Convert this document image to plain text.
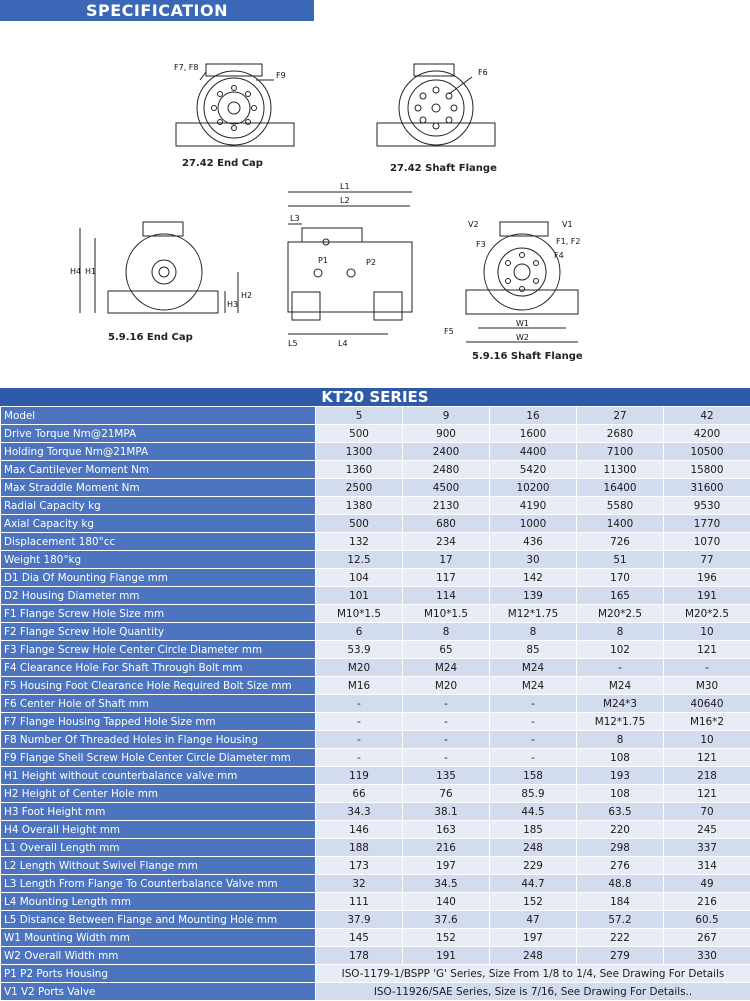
SPECIFICATION
F7, F8
F9	F6
H4 H1
H2
H3
L1
L2
L3
L4
L5
P1	P2
V2	V1
F3	F1, F2
F4
F5
W1
W2
27.42 End Cap	27.42 Shaft Flange
5.9.16 End Cap
5.9.16 Shaft Flange
KT20 SERIES
Model	5	9	16	27	42
Drive Torque Nm@21MPA	500	900	1600	2680	4200
Holding Torque Nm@21MPA	1300	2400	4400	7100	10500
Max Cantilever Moment Nm	1360	2480	5420	11300	15800
Max Straddle Moment Nm	2500	4500	10200	16400	31600
Radial Capacity kg	1380	2130	4190	5580	9530
Axial Capacity kg	500	680	1000	1400	1770
Displacement 180°cc	132	234	436	726	1070
Weight 180°kg	12.5	17	30	51	77
D1 Dia Of Mounting Flange mm	104	117	142	170	196
D2 Housing Diameter mm	101	114	139	165	191
F1 Flange Screw Hole Size mm	M10*1.5	M10*1.5	M12*1.75	M20*2.5	M20*2.5
F2 Flange Screw Hole Quantity	6	8	8	8	10
F3 Flange Screw Hole Center Circle Diameter mm	53.9	65	85	102	121
F4 Clearance Hole For Shaft Through Bolt mm	M20	M24	M24	-	-
F5 Housing Foot Clearance Hole Required Bolt Size mm	M16	M20	M24	M24	M30
F6 Center Hole of Shaft mm	-	-	-	M24*3	40640
F7 Flange Housing Tapped Hole Size mm	-	-	-	M12*1.75	M16*2
F8 Number Of Threaded Holes in Flange Housing	-	-	-	8	10
F9 Flange Shell Screw Hole Center Circle Diameter mm	-	-	-	108	121
H1 Height without counterbalance valve mm	119	135	158	193	218
H2 Height of Center Hole mm	66	76	85.9	108	121
H3 Foot Height mm	34.3	38.1	44.5	63.5	70
H4 Overall Height mm	146	163	185	220	245
L1 Overall Length mm	188	216	248	298	337
L2 Length Without Swivel Flange mm	173	197	229	276	314
L3 Length From Flange To Counterbalance Valve mm	32	34.5	44.7	48.8	49
L4 Mounting Length mm	111	140	152	184	216
L5 Distance Between Flange and Mounting Hole mm	37.9	37.6	47	57.2	60.5
W1 Mounting Width mm	145	152	197	222	267
W2 Overall Width mm	178	191	248	279	330
P1 P2 Ports Housing	ISO-1179-1/BSPP 'G' Series, Size From 1/8 to 1/4, See Drawing For Details				
V1 V2 Ports Valve	ISO-11926/SAE Series, Size is 7/16, See Drawing For Details..				
